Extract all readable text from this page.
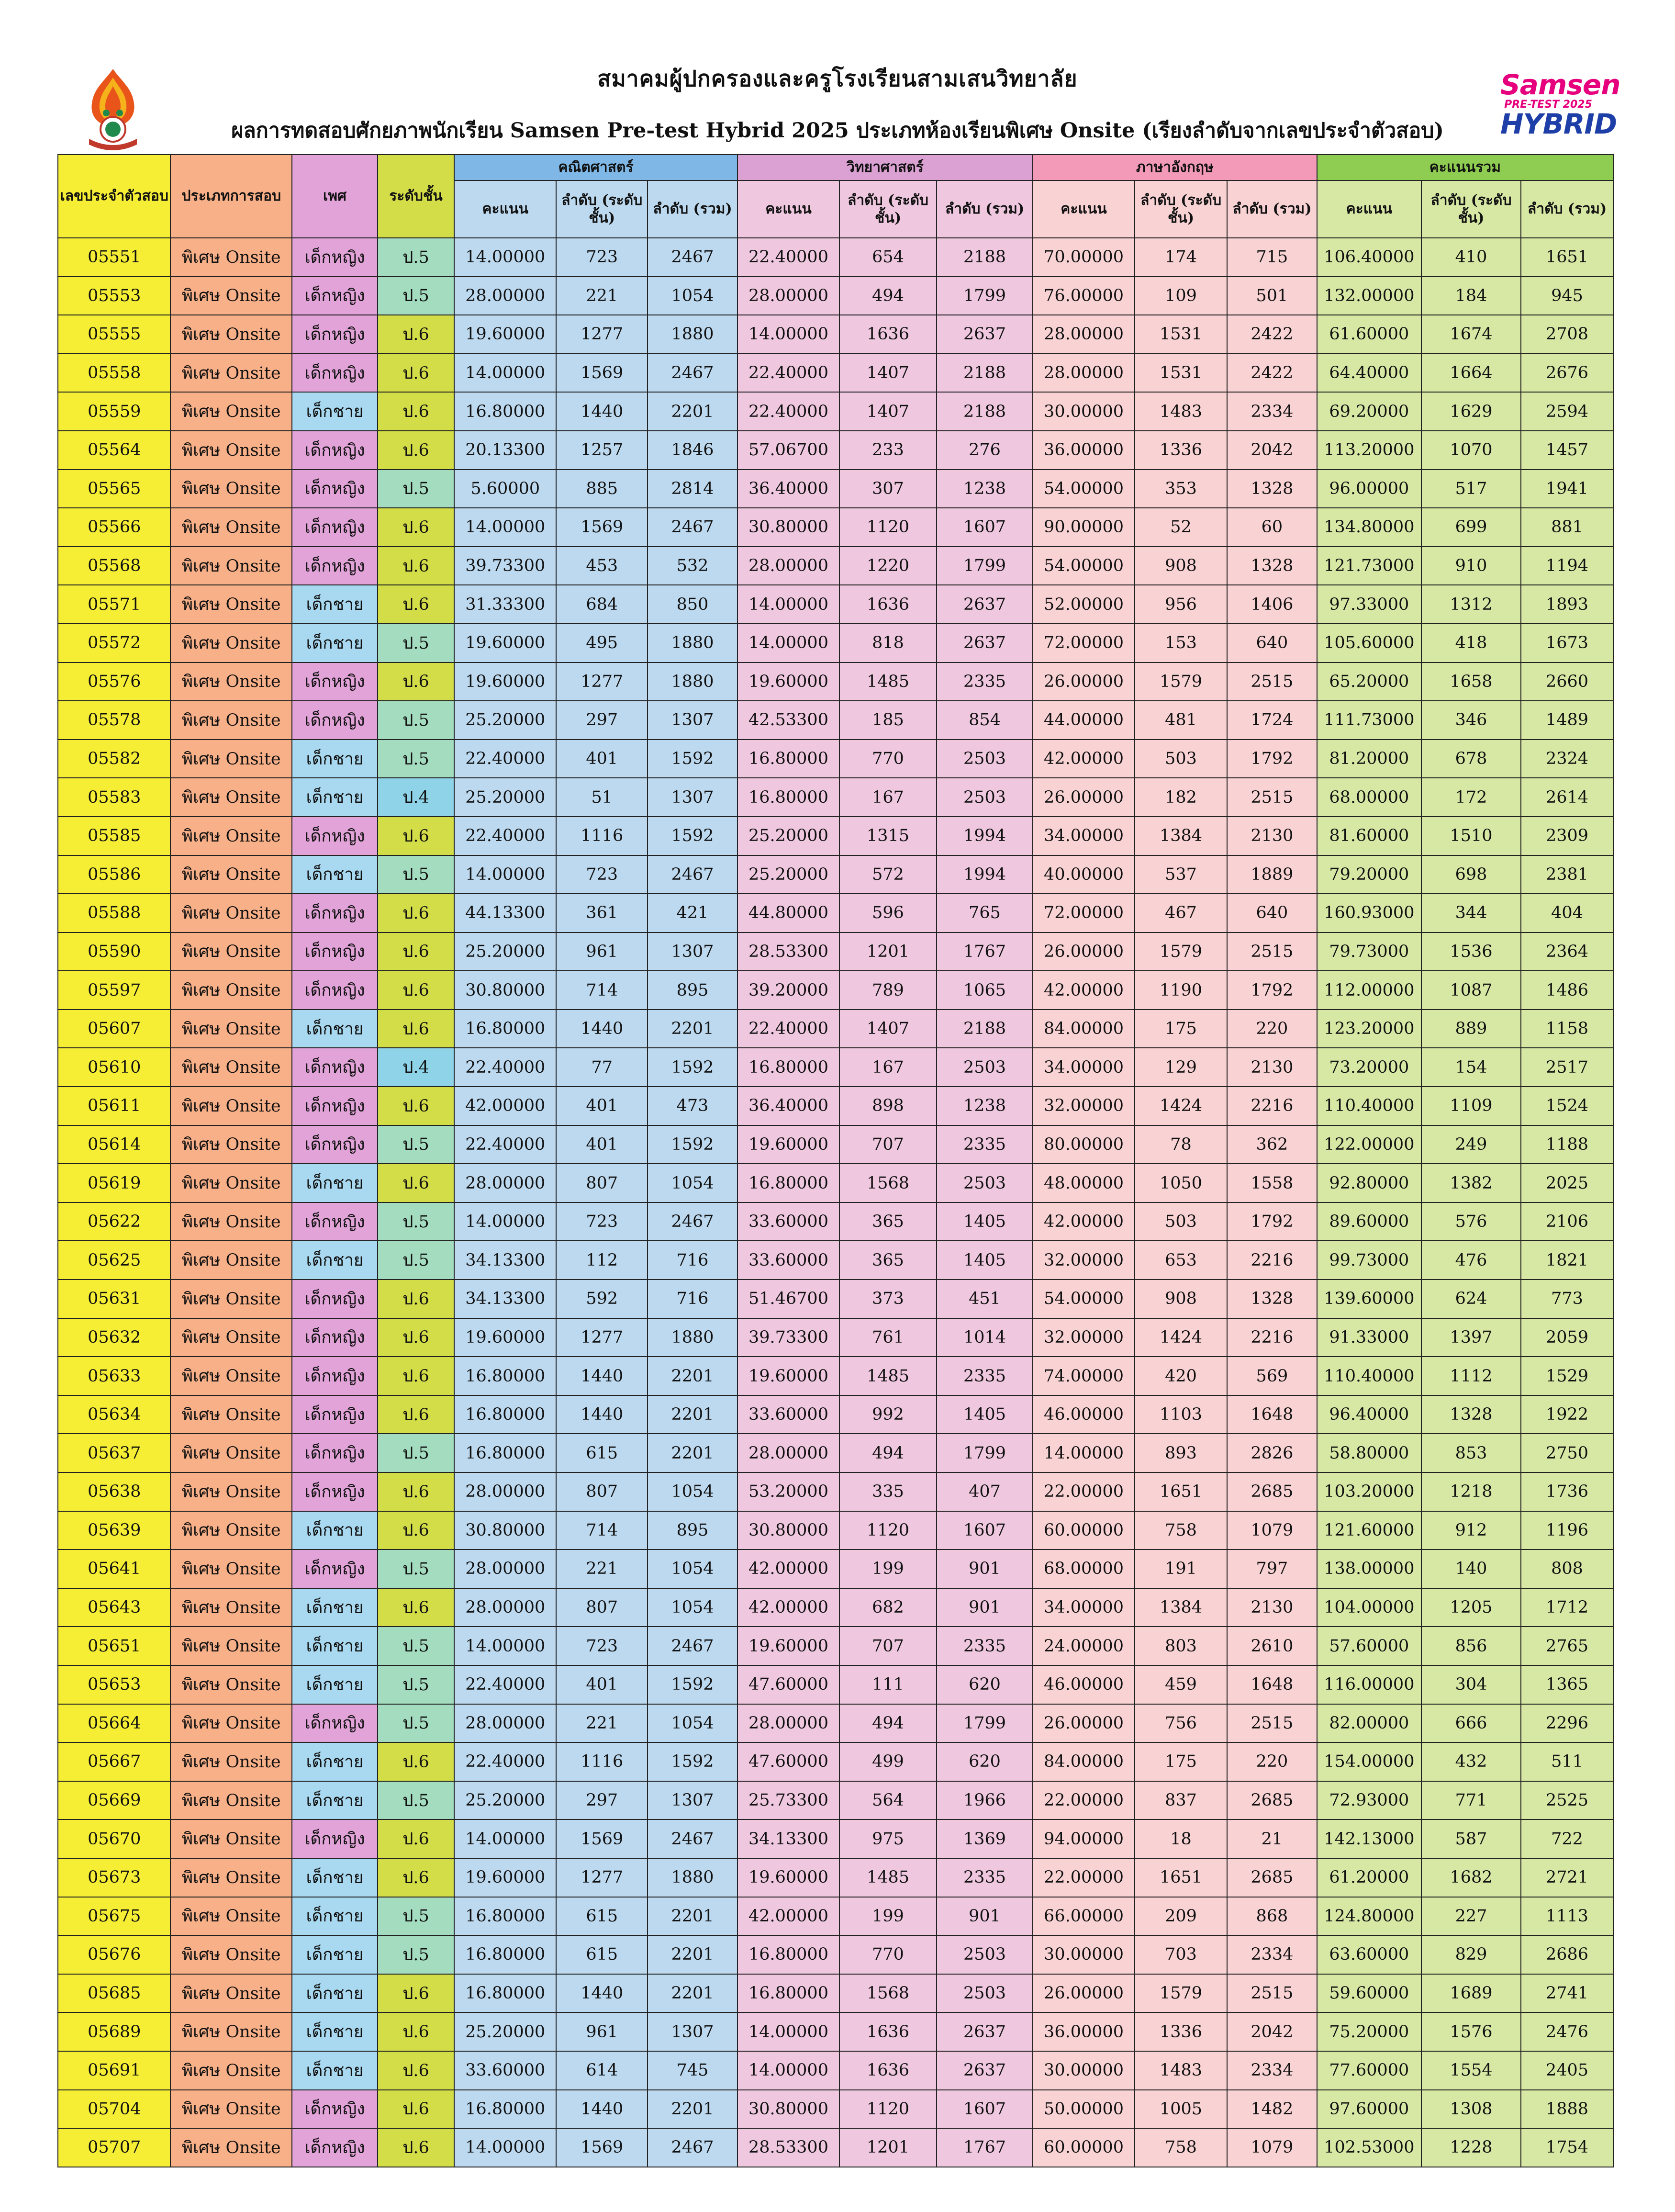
สมาคมผู้ปกครองและครูโรงเรียนสามเสนวิทยาลัย
ผลการทดสอบศักยภาพนักเรียน Samsen Pre-test Hybrid 2025 ประเภทห้องเรียนพิเศษ Onsite (เรียงลำดับจากเลขประจำตัวสอบ)
Samsen
PRE-TEST 2025
HYBRID
เลขประจำตัวสอบ	ประเภทการสอบ	เพศ	ระดับชั้น	คณิตศาสตร์			วิทยาศาสตร์			ภาษาอังกฤษ			คะแนนรวม		
				คะแนน	ลำดับ (ระดับชั้น)	ลำดับ (รวม)	คะแนน	ลำดับ (ระดับชั้น)	ลำดับ (รวม)	คะแนน	ลำดับ (ระดับชั้น)	ลำดับ (รวม)	คะแนน	ลำดับ (ระดับชั้น)	ลำดับ (รวม)
05551	พิเศษ Onsite	เด็กหญิง	ป.5	14.00000	723	2467	22.40000	654	2188	70.00000	174	715	106.40000	410	1651
05553	พิเศษ Onsite	เด็กหญิง	ป.5	28.00000	221	1054	28.00000	494	1799	76.00000	109	501	132.00000	184	945
05555	พิเศษ Onsite	เด็กหญิง	ป.6	19.60000	1277	1880	14.00000	1636	2637	28.00000	1531	2422	61.60000	1674	2708
05558	พิเศษ Onsite	เด็กหญิง	ป.6	14.00000	1569	2467	22.40000	1407	2188	28.00000	1531	2422	64.40000	1664	2676
05559	พิเศษ Onsite	เด็กชาย	ป.6	16.80000	1440	2201	22.40000	1407	2188	30.00000	1483	2334	69.20000	1629	2594
05564	พิเศษ Onsite	เด็กหญิง	ป.6	20.13300	1257	1846	57.06700	233	276	36.00000	1336	2042	113.20000	1070	1457
05565	พิเศษ Onsite	เด็กหญิง	ป.5	5.60000	885	2814	36.40000	307	1238	54.00000	353	1328	96.00000	517	1941
05566	พิเศษ Onsite	เด็กหญิง	ป.6	14.00000	1569	2467	30.80000	1120	1607	90.00000	52	60	134.80000	699	881
05568	พิเศษ Onsite	เด็กหญิง	ป.6	39.73300	453	532	28.00000	1220	1799	54.00000	908	1328	121.73000	910	1194
05571	พิเศษ Onsite	เด็กชาย	ป.6	31.33300	684	850	14.00000	1636	2637	52.00000	956	1406	97.33000	1312	1893
05572	พิเศษ Onsite	เด็กชาย	ป.5	19.60000	495	1880	14.00000	818	2637	72.00000	153	640	105.60000	418	1673
05576	พิเศษ Onsite	เด็กหญิง	ป.6	19.60000	1277	1880	19.60000	1485	2335	26.00000	1579	2515	65.20000	1658	2660
05578	พิเศษ Onsite	เด็กหญิง	ป.5	25.20000	297	1307	42.53300	185	854	44.00000	481	1724	111.73000	346	1489
05582	พิเศษ Onsite	เด็กชาย	ป.5	22.40000	401	1592	16.80000	770	2503	42.00000	503	1792	81.20000	678	2324
05583	พิเศษ Onsite	เด็กชาย	ป.4	25.20000	51	1307	16.80000	167	2503	26.00000	182	2515	68.00000	172	2614
05585	พิเศษ Onsite	เด็กหญิง	ป.6	22.40000	1116	1592	25.20000	1315	1994	34.00000	1384	2130	81.60000	1510	2309
05586	พิเศษ Onsite	เด็กชาย	ป.5	14.00000	723	2467	25.20000	572	1994	40.00000	537	1889	79.20000	698	2381
05588	พิเศษ Onsite	เด็กหญิง	ป.6	44.13300	361	421	44.80000	596	765	72.00000	467	640	160.93000	344	404
05590	พิเศษ Onsite	เด็กหญิง	ป.6	25.20000	961	1307	28.53300	1201	1767	26.00000	1579	2515	79.73000	1536	2364
05597	พิเศษ Onsite	เด็กหญิง	ป.6	30.80000	714	895	39.20000	789	1065	42.00000	1190	1792	112.00000	1087	1486
05607	พิเศษ Onsite	เด็กชาย	ป.6	16.80000	1440	2201	22.40000	1407	2188	84.00000	175	220	123.20000	889	1158
05610	พิเศษ Onsite	เด็กหญิง	ป.4	22.40000	77	1592	16.80000	167	2503	34.00000	129	2130	73.20000	154	2517
05611	พิเศษ Onsite	เด็กหญิง	ป.6	42.00000	401	473	36.40000	898	1238	32.00000	1424	2216	110.40000	1109	1524
05614	พิเศษ Onsite	เด็กหญิง	ป.5	22.40000	401	1592	19.60000	707	2335	80.00000	78	362	122.00000	249	1188
05619	พิเศษ Onsite	เด็กชาย	ป.6	28.00000	807	1054	16.80000	1568	2503	48.00000	1050	1558	92.80000	1382	2025
05622	พิเศษ Onsite	เด็กหญิง	ป.5	14.00000	723	2467	33.60000	365	1405	42.00000	503	1792	89.60000	576	2106
05625	พิเศษ Onsite	เด็กชาย	ป.5	34.13300	112	716	33.60000	365	1405	32.00000	653	2216	99.73000	476	1821
05631	พิเศษ Onsite	เด็กหญิง	ป.6	34.13300	592	716	51.46700	373	451	54.00000	908	1328	139.60000	624	773
05632	พิเศษ Onsite	เด็กหญิง	ป.6	19.60000	1277	1880	39.73300	761	1014	32.00000	1424	2216	91.33000	1397	2059
05633	พิเศษ Onsite	เด็กหญิง	ป.6	16.80000	1440	2201	19.60000	1485	2335	74.00000	420	569	110.40000	1112	1529
05634	พิเศษ Onsite	เด็กหญิง	ป.6	16.80000	1440	2201	33.60000	992	1405	46.00000	1103	1648	96.40000	1328	1922
05637	พิเศษ Onsite	เด็กหญิง	ป.5	16.80000	615	2201	28.00000	494	1799	14.00000	893	2826	58.80000	853	2750
05638	พิเศษ Onsite	เด็กหญิง	ป.6	28.00000	807	1054	53.20000	335	407	22.00000	1651	2685	103.20000	1218	1736
05639	พิเศษ Onsite	เด็กชาย	ป.6	30.80000	714	895	30.80000	1120	1607	60.00000	758	1079	121.60000	912	1196
05641	พิเศษ Onsite	เด็กหญิง	ป.5	28.00000	221	1054	42.00000	199	901	68.00000	191	797	138.00000	140	808
05643	พิเศษ Onsite	เด็กชาย	ป.6	28.00000	807	1054	42.00000	682	901	34.00000	1384	2130	104.00000	1205	1712
05651	พิเศษ Onsite	เด็กชาย	ป.5	14.00000	723	2467	19.60000	707	2335	24.00000	803	2610	57.60000	856	2765
05653	พิเศษ Onsite	เด็กชาย	ป.5	22.40000	401	1592	47.60000	111	620	46.00000	459	1648	116.00000	304	1365
05664	พิเศษ Onsite	เด็กหญิง	ป.5	28.00000	221	1054	28.00000	494	1799	26.00000	756	2515	82.00000	666	2296
05667	พิเศษ Onsite	เด็กชาย	ป.6	22.40000	1116	1592	47.60000	499	620	84.00000	175	220	154.00000	432	511
05669	พิเศษ Onsite	เด็กชาย	ป.5	25.20000	297	1307	25.73300	564	1966	22.00000	837	2685	72.93000	771	2525
05670	พิเศษ Onsite	เด็กหญิง	ป.6	14.00000	1569	2467	34.13300	975	1369	94.00000	18	21	142.13000	587	722
05673	พิเศษ Onsite	เด็กชาย	ป.6	19.60000	1277	1880	19.60000	1485	2335	22.00000	1651	2685	61.20000	1682	2721
05675	พิเศษ Onsite	เด็กชาย	ป.5	16.80000	615	2201	42.00000	199	901	66.00000	209	868	124.80000	227	1113
05676	พิเศษ Onsite	เด็กชาย	ป.5	16.80000	615	2201	16.80000	770	2503	30.00000	703	2334	63.60000	829	2686
05685	พิเศษ Onsite	เด็กชาย	ป.6	16.80000	1440	2201	16.80000	1568	2503	26.00000	1579	2515	59.60000	1689	2741
05689	พิเศษ Onsite	เด็กชาย	ป.6	25.20000	961	1307	14.00000	1636	2637	36.00000	1336	2042	75.20000	1576	2476
05691	พิเศษ Onsite	เด็กชาย	ป.6	33.60000	614	745	14.00000	1636	2637	30.00000	1483	2334	77.60000	1554	2405
05704	พิเศษ Onsite	เด็กหญิง	ป.6	16.80000	1440	2201	30.80000	1120	1607	50.00000	1005	1482	97.60000	1308	1888
05707	พิเศษ Onsite	เด็กหญิง	ป.6	14.00000	1569	2467	28.53300	1201	1767	60.00000	758	1079	102.53000	1228	1754
